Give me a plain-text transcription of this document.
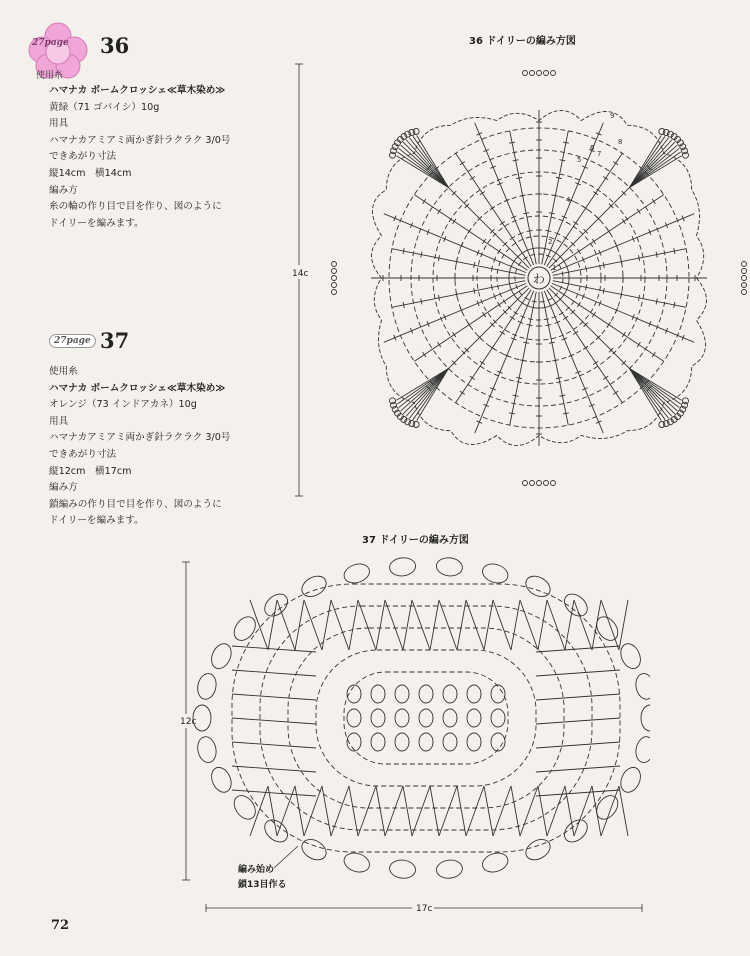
27page
使用糸
36
ハマナカ ボームクロッシェ≪草木染め≫
黄緑（71 ゴバイシ）10g
用具
ハマナカアミアミ両かぎ針ラクラク 3/0号
できあがり寸法
縦14cm　横14cm
編み方
糸の輪の作り目で目を作り、図のように
ドイリーを編みます。
27page 37
使用糸
ハマナカ ボームクロッシェ≪草木染め≫
オレンジ（73 インドアカネ）10g
用具
ハマナカアミアミ両かぎ針ラクラク 3/0号
できあがり寸法
縦12cm　横17cm
編み方
鎖編みの作り目で目を作り、図のように
ドイリーを編みます。
36 ドイリーの編み方図
14c	わ
1
2
4
5
6
7
8
9
37 ドイリーの編み方図
12c
17c
編み始め
鎖13目作る
72
